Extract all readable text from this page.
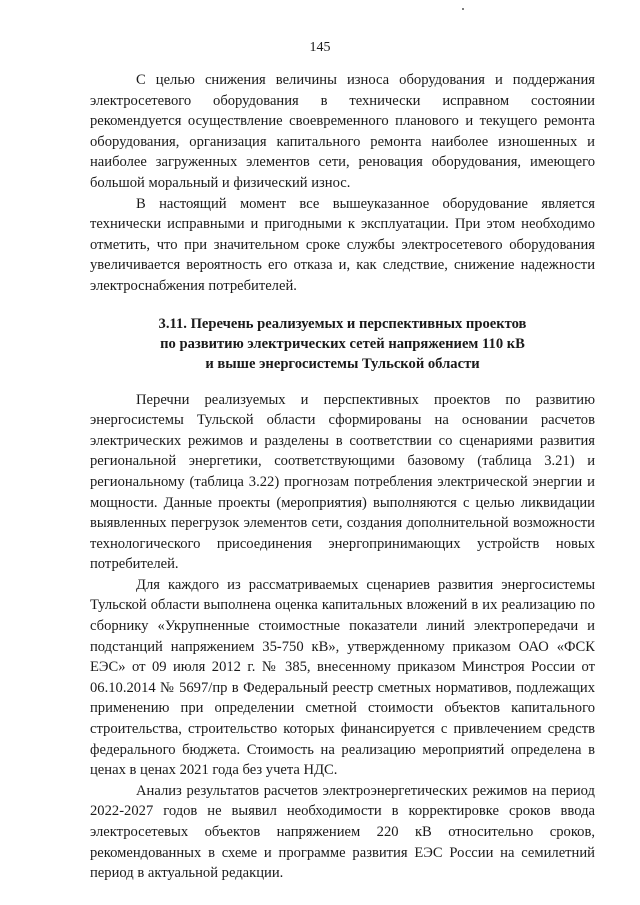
145

С целью снижения величины износа оборудования и поддержания электросетевого оборудования в технически исправном состоянии рекомендуется осуществление своевременного планового и текущего ремонта оборудования, организация капитального ремонта наиболее изношенных и наиболее загруженных элементов сети, реновация оборудования, имеющего большой моральный и физический износ.

В настоящий момент все вышеуказанное оборудование является технически исправными и пригодными к эксплуатации. При этом необходимо отметить, что при значительном сроке службы электросетевого оборудования увеличивается вероятность его отказа и, как следствие, снижение надежности электроснабжения потребителей.

3.11. Перечень реализуемых и перспективных проектов
по развитию электрических сетей напряжением 110 кВ
и выше энергосистемы Тульской области

Перечни реализуемых и перспективных проектов по развитию энергосистемы Тульской области сформированы на основании расчетов электрических режимов и разделены в соответствии со сценариями развития региональной энергетики, соответствующими базовому (таблица 3.21) и региональному (таблица 3.22) прогнозам потребления электрической энергии и мощности. Данные проекты (мероприятия) выполняются с целью ликвидации выявленных перегрузок элементов сети, создания дополнительной возможности технологического присоединения энергопринимающих устройств новых потребителей.

Для каждого из рассматриваемых сценариев развития энергосистемы Тульской области выполнена оценка капитальных вложений в их реализацию по сборнику «Укрупненные стоимостные показатели линий электропередачи и подстанций напряжением 35-750 кВ», утвержденному приказом ОАО «ФСК ЕЭС» от 09 июля 2012 г. № 385, внесенному приказом Минстроя России от 06.10.2014 № 5697/пр в Федеральный реестр сметных нормативов, подлежащих применению при определении сметной стоимости объектов капитального строительства, строительство которых финансируется с привлечением средств федерального бюджета. Стоимость на реализацию мероприятий определена в ценах в ценах 2021 года без учета НДС.

Анализ результатов расчетов электроэнергетических режимов на период 2022-2027 годов не выявил необходимости в корректировке сроков ввода электросетевых объектов напряжением 220 кВ относительно сроков, рекомендованных в схеме и программе развития ЕЭС России на семилетний период в актуальной редакции.
